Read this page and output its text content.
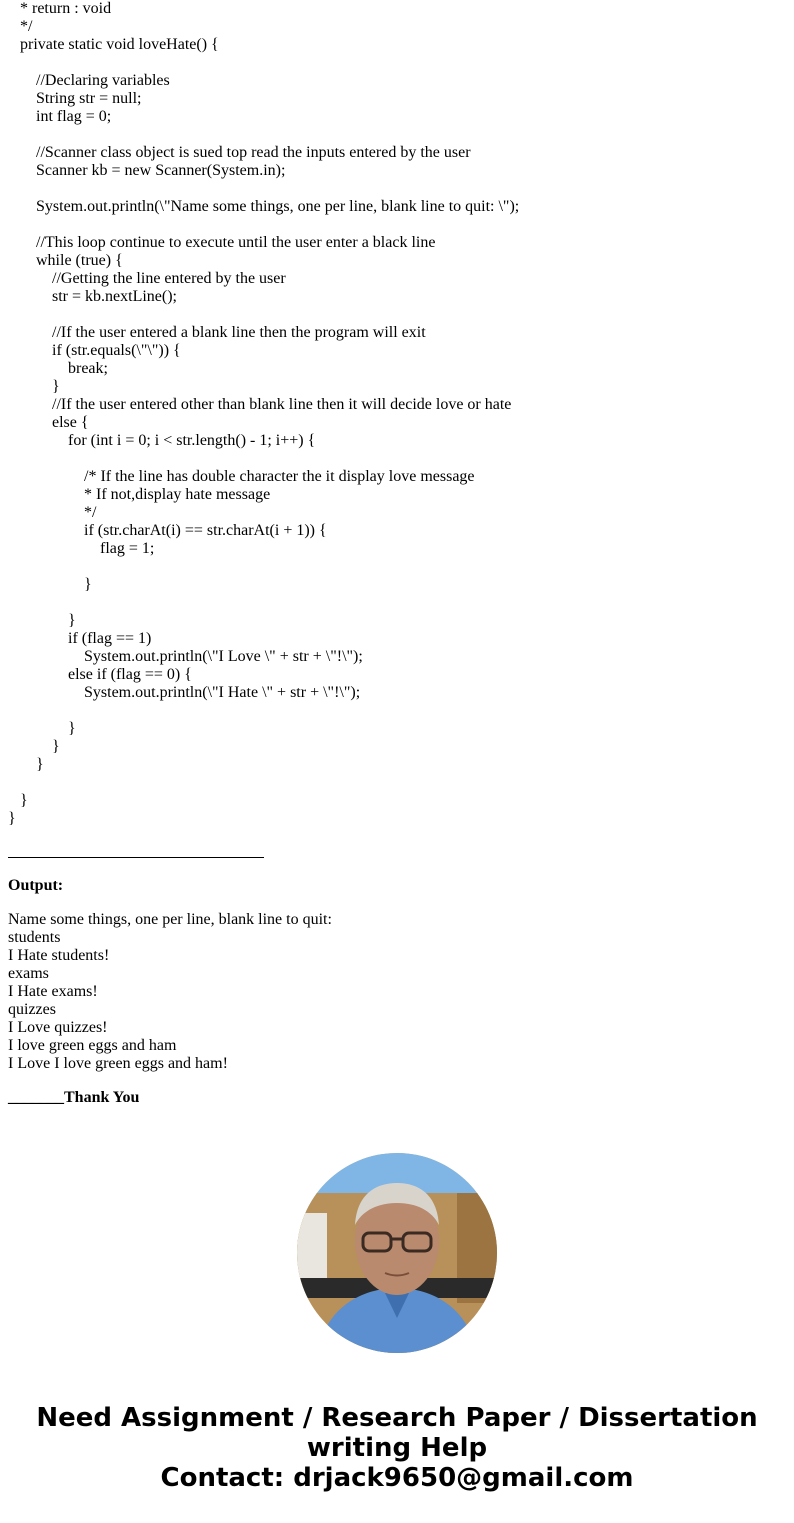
* return : void
*/
private static void loveHate() {
//Declaring variables
String str = null;
int flag = 0;
//Scanner class object is sued top read the inputs entered by the user
Scanner kb = new Scanner(System.in);
System.out.println(\"Name some things, one per line, blank line to quit: \");
//This loop continue to execute until the user enter a black line
while (true) {
//Getting the line entered by the user
str = kb.nextLine();
//If the user entered a blank line then the program will exit
if (str.equals(\"\")) {
break;
}
//If the user entered other than blank line then it will decide love or hate
else {
for (int i = 0; i < str.length() - 1; i++) {
/* If the line has double character the it display love message
* If not,display hate message
*/
if (str.charAt(i) == str.charAt(i + 1)) {
flag = 1;
}
}
if (flag == 1)
System.out.println(\"I Love \" + str + \"!\");
else if (flag == 0) {
System.out.println(\"I Hate \" + str + \"!\");
}
}
}
}
}
Output:
Name some things, one per line, blank line to quit:
students
I Hate students!
exams
I Hate exams!
quizzes
I Love quizzes!
I love green eggs and ham
I Love I love green eggs and ham!
_______Thank You
Need Assignment / Research Paper / Dissertation
writing Help
Contact: drjack9650@gmail.com
